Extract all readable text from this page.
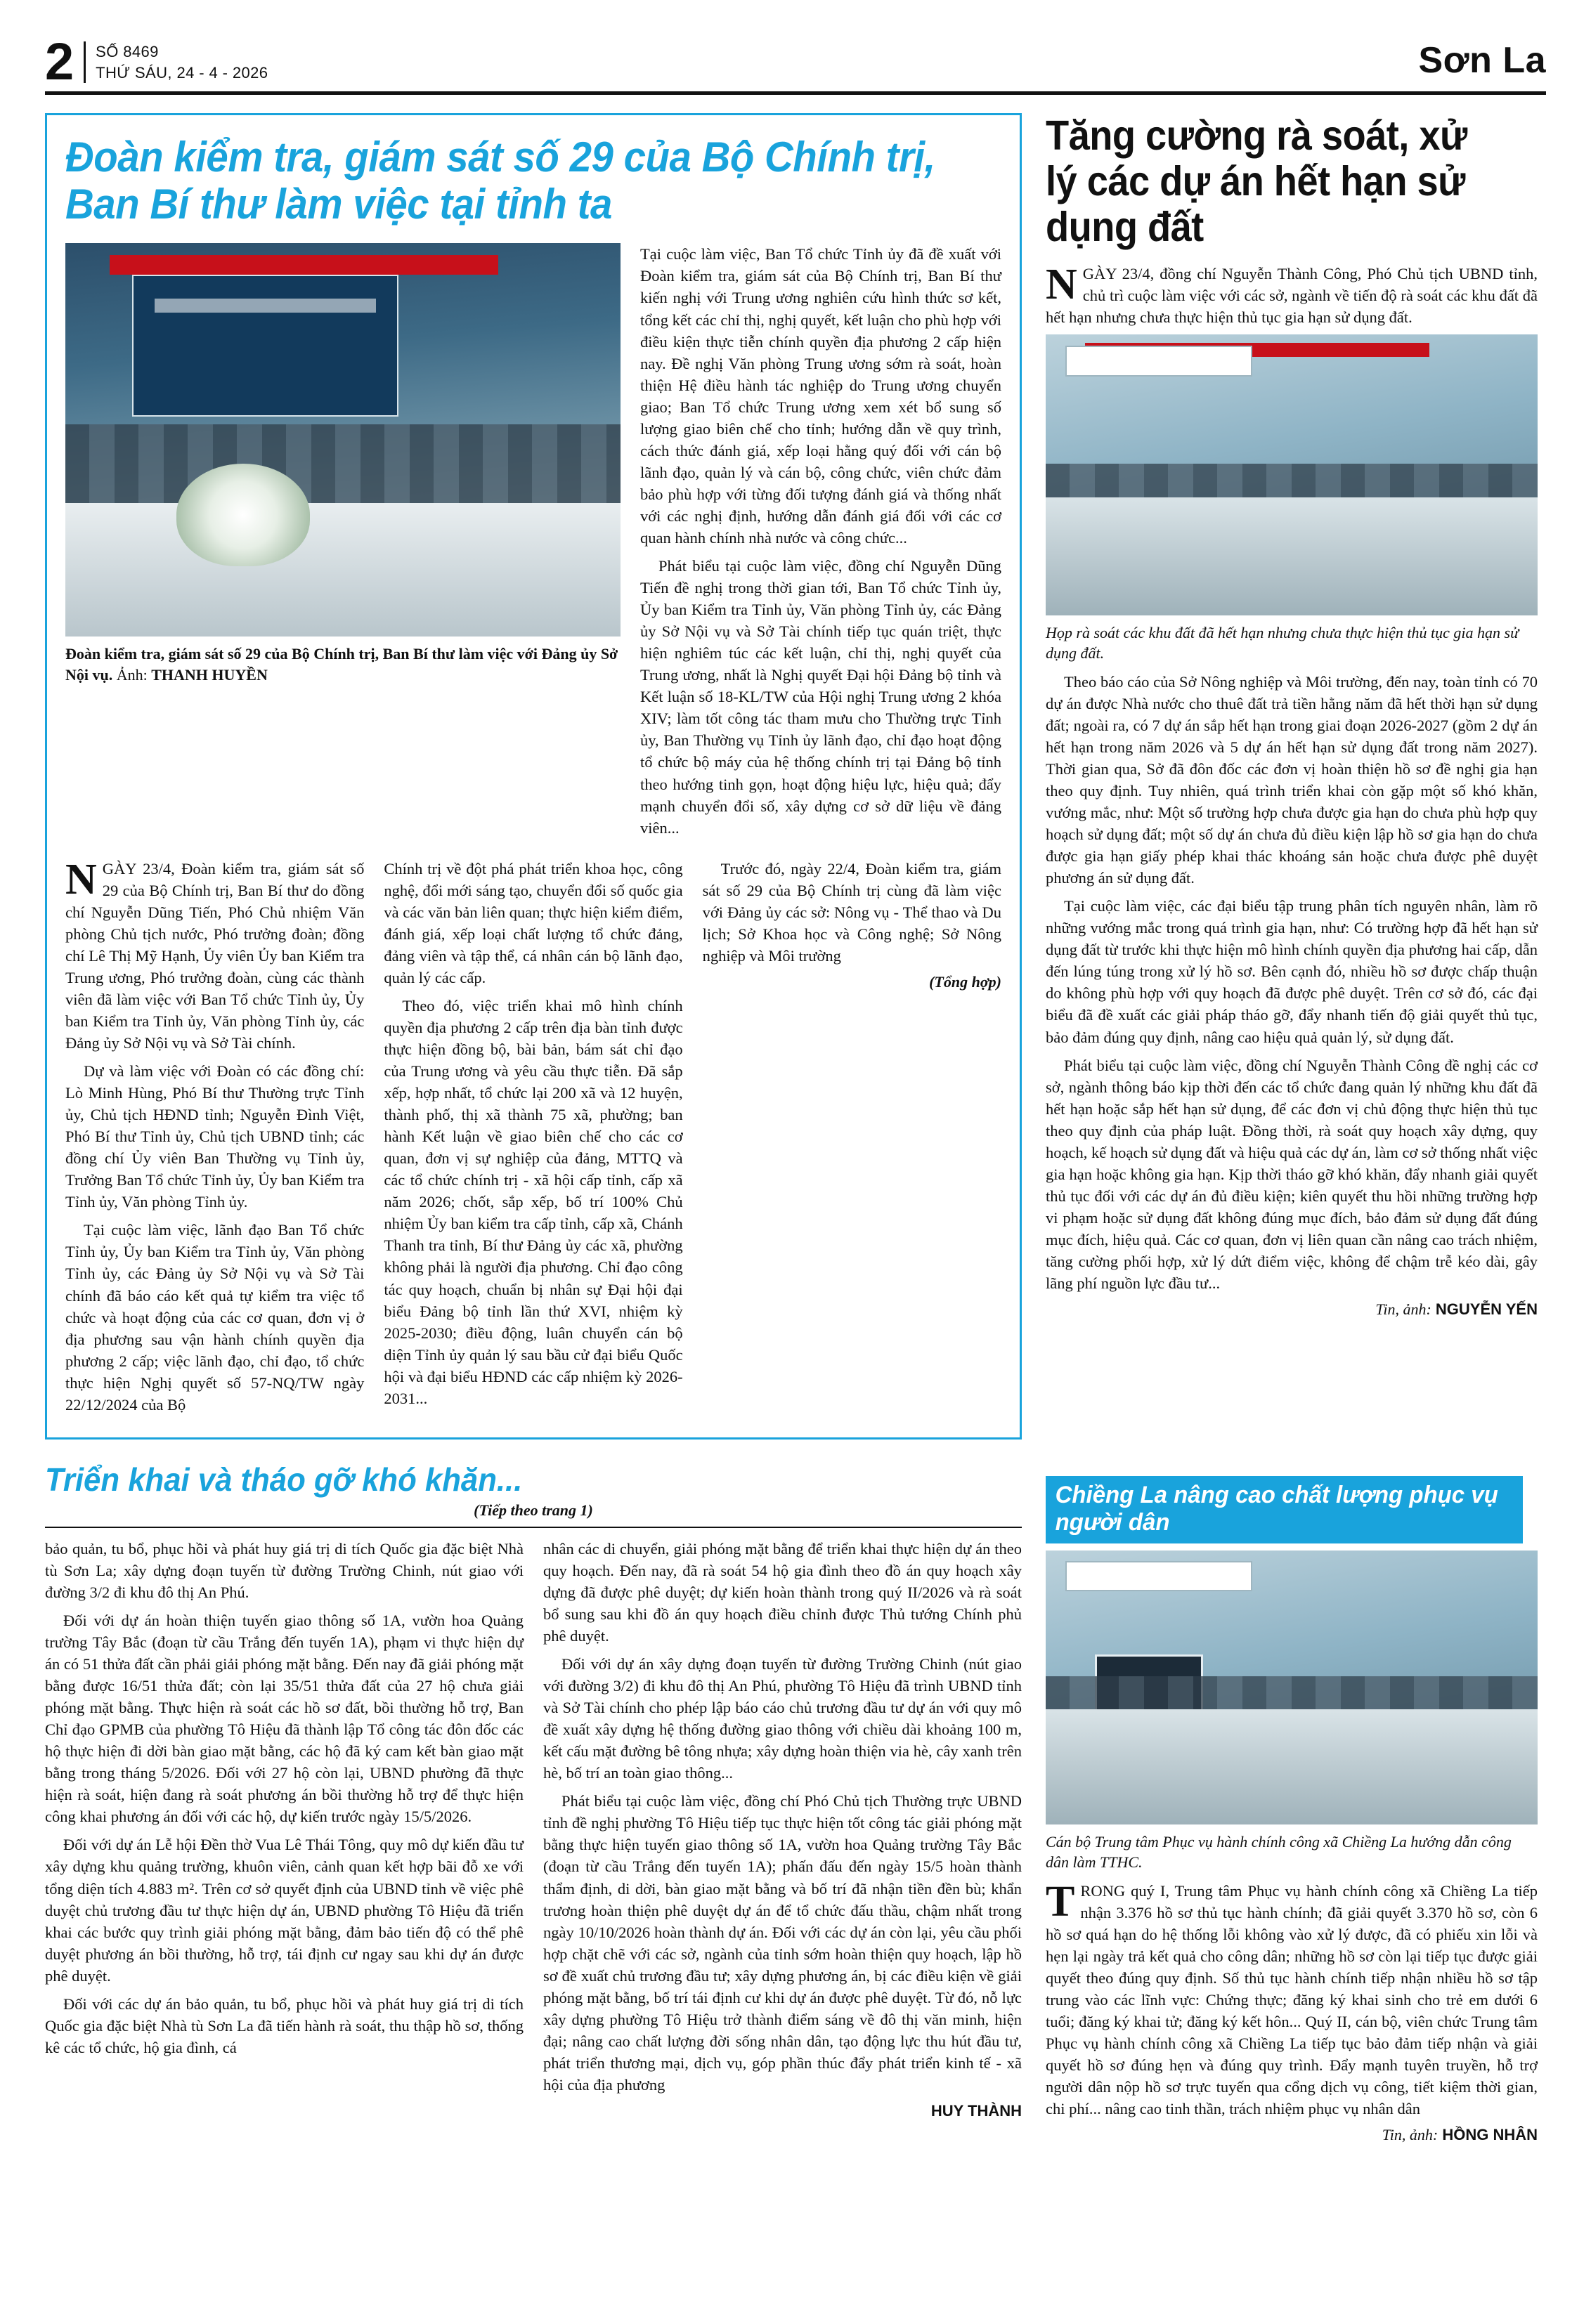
2 SỐ 8469
THỨ SÁU, 24 - 4 - 2026	Sơn La
Đoàn kiểm tra, giám sát số 29 của Bộ Chính trị, Ban Bí thư làm việc tại tỉnh ta

Đoàn kiểm tra, giám sát số 29 của Bộ Chính trị, Ban Bí thư làm việc với Đảng ủy Sở Nội vụ. Ảnh: THANH HUYỀN

Tại cuộc làm việc, Ban Tổ chức Tỉnh ủy đã đề xuất với Đoàn kiểm tra, giám sát của Bộ Chính trị, Ban Bí thư kiến nghị với Trung ương nghiên cứu hình thức sơ kết, tổng kết các chỉ thị, nghị quyết, kết luận cho phù hợp với điều kiện thực tiễn chính quyền địa phương 2 cấp hiện nay. Đề nghị Văn phòng Trung ương sớm rà soát, hoàn thiện Hệ điều hành tác nghiệp do Trung ương chuyển giao; Ban Tổ chức Trung ương xem xét bổ sung số lượng giao biên chế cho tỉnh; hướng dẫn về quy trình, cách thức đánh giá, xếp loại hằng quý đối với cán bộ lãnh đạo, quản lý và cán bộ, công chức, viên chức đảm bảo phù hợp với từng đối tượng đánh giá và thống nhất với các nghị định, hướng dẫn đánh giá đối với các cơ quan hành chính nhà nước và công chức...

Phát biểu tại cuộc làm việc, đồng chí Nguyễn Dũng Tiến đề nghị trong thời gian tới, Ban Tổ chức Tỉnh ủy, Ủy ban Kiểm tra Tỉnh ủy, Văn phòng Tỉnh ủy, các Đảng ủy Sở Nội vụ và Sở Tài chính tiếp tục quán triệt, thực hiện nghiêm túc các kết luận, chỉ thị, nghị quyết của Trung ương, nhất là Nghị quyết Đại hội Đảng bộ tỉnh và Kết luận số 18-KL/TW của Hội nghị Trung ương 2 khóa XIV; làm tốt công tác tham mưu cho Thường trực Tỉnh ủy, Ban Thường vụ Tỉnh ủy lãnh đạo, chỉ đạo hoạt động tổ chức bộ máy của hệ thống chính trị tại Đảng bộ tỉnh theo hướng tinh gọn, hoạt động hiệu lực, hiệu quả; đẩy mạnh chuyển đổi số, xây dựng cơ sở dữ liệu về đảng viên...

NGÀY 23/4, Đoàn kiểm tra, giám sát số 29 của Bộ Chính trị, Ban Bí thư do đồng chí Nguyễn Dũng Tiến, Phó Chủ nhiệm Văn phòng Chủ tịch nước, Phó trưởng đoàn; đồng chí Lê Thị Mỹ Hạnh, Ủy viên Ủy ban Kiểm tra Trung ương, Phó trưởng đoàn, cùng các thành viên đã làm việc với Ban Tổ chức Tỉnh ủy, Ủy ban Kiểm tra Tỉnh ủy, Văn phòng Tỉnh ủy, các Đảng ủy Sở Nội vụ và Sở Tài chính.

Dự và làm việc với Đoàn có các đồng chí: Lò Minh Hùng, Phó Bí thư Thường trực Tỉnh ủy, Chủ tịch HĐND tỉnh; Nguyễn Đình Việt, Phó Bí thư Tỉnh ủy, Chủ tịch UBND tỉnh; các đồng chí Ủy viên Ban Thường vụ Tỉnh ủy, Trưởng Ban Tổ chức Tỉnh ủy, Ủy ban Kiểm tra Tỉnh ủy, Văn phòng Tỉnh ủy.

Tại cuộc làm việc, lãnh đạo Ban Tổ chức Tỉnh ủy, Ủy ban Kiểm tra Tỉnh ủy, Văn phòng Tỉnh ủy, các Đảng ủy Sở Nội vụ và Sở Tài chính đã báo cáo kết quả tự kiểm tra việc tổ chức và hoạt động của các cơ quan, đơn vị ở địa phương sau vận hành chính quyền địa phương 2 cấp; việc lãnh đạo, chỉ đạo, tổ chức thực hiện Nghị quyết số 57-NQ/TW ngày 22/12/2024 của Bộ

Chính trị về đột phá phát triển khoa học, công nghệ, đổi mới sáng tạo, chuyển đổi số quốc gia và các văn bản liên quan; thực hiện kiểm điểm, đánh giá, xếp loại chất lượng tổ chức đảng, đảng viên và tập thể, cá nhân cán bộ lãnh đạo, quản lý các cấp.

Theo đó, việc triển khai mô hình chính quyền địa phương 2 cấp trên địa bàn tỉnh được thực hiện đồng bộ, bài bản, bám sát chỉ đạo của Trung ương và yêu cầu thực tiễn. Đã sắp xếp, hợp nhất, tổ chức lại 200 xã và 12 huyện, thành phố, thị xã thành 75 xã, phường; ban hành Kết luận về giao biên chế cho các cơ quan, đơn vị sự nghiệp của đảng, MTTQ và các tổ chức chính trị - xã hội cấp tỉnh, cấp xã năm 2026; chốt, sắp xếp, bố trí 100% Chủ nhiệm Ủy ban kiểm tra cấp tỉnh, cấp xã, Chánh Thanh tra tỉnh, Bí thư Đảng ủy các xã, phường không phải là người địa phương. Chỉ đạo công tác quy hoạch, chuẩn bị nhân sự Đại hội đại biểu Đảng bộ tỉnh lần thứ XVI, nhiệm kỳ 2025-2030; điều động, luân chuyển cán bộ diện Tỉnh ủy quản lý sau bầu cử đại biểu Quốc hội và đại biểu HĐND các cấp nhiệm kỳ 2026-2031...

Trước đó, ngày 22/4, Đoàn kiểm tra, giám sát số 29 của Bộ Chính trị cùng đã làm việc với Đảng ủy các sở: Nông vụ - Thể thao và Du lịch; Sở Khoa học và Công nghệ; Sở Nông nghiệp và Môi trường

(Tổng hợp)

Tăng cường rà soát, xử lý các dự án hết hạn sử dụng đất

NGÀY 23/4, đồng chí Nguyễn Thành Công, Phó Chủ tịch UBND tỉnh, chủ trì cuộc làm việc với các sở, ngành về tiến độ rà soát các khu đất đã hết hạn nhưng chưa thực hiện thủ tục gia hạn sử dụng đất.

Họp rà soát các khu đất đã hết hạn nhưng chưa thực hiện thủ tục gia hạn sử dụng đất.

Theo báo cáo của Sở Nông nghiệp và Môi trường, đến nay, toàn tỉnh có 70 dự án được Nhà nước cho thuê đất trả tiền hằng năm đã hết thời hạn sử dụng đất; ngoài ra, có 7 dự án sắp hết hạn trong giai đoạn 2026-2027 (gồm 2 dự án hết hạn trong năm 2026 và 5 dự án hết hạn sử dụng đất trong năm 2027). Thời gian qua, Sở đã đôn đốc các đơn vị hoàn thiện hồ sơ đề nghị gia hạn theo quy định. Tuy nhiên, quá trình triển khai còn gặp một số khó khăn, vướng mắc, như: Một số trường hợp chưa được gia hạn do chưa phù hợp quy hoạch sử dụng đất; một số dự án chưa đủ điều kiện lập hồ sơ gia hạn do chưa được gia hạn giấy phép khai thác khoáng sản hoặc chưa được phê duyệt phương án sử dụng đất.

Tại cuộc làm việc, các đại biểu tập trung phân tích nguyên nhân, làm rõ những vướng mắc trong quá trình gia hạn, như: Có trường hợp đã hết hạn sử dụng đất từ trước khi thực hiện mô hình chính quyền địa phương hai cấp, dẫn đến lúng túng trong xử lý hồ sơ. Bên cạnh đó, nhiều hồ sơ được chấp thuận do không phù hợp với quy hoạch đã được phê duyệt. Trên cơ sở đó, các đại biểu đã đề xuất các giải pháp tháo gỡ, đẩy nhanh tiến độ giải quyết thủ tục, bảo đảm đúng quy định, nâng cao hiệu quả quản lý, sử dụng đất.

Phát biểu tại cuộc làm việc, đồng chí Nguyễn Thành Công đề nghị các cơ sở, ngành thông báo kịp thời đến các tổ chức đang quản lý những khu đất đã hết hạn hoặc sắp hết hạn sử dụng, để các đơn vị chủ động thực hiện thủ tục theo quy định của pháp luật. Đồng thời, rà soát quy hoạch xây dựng, quy hoạch, kế hoạch sử dụng đất và hiệu quả các dự án, làm cơ sở thống nhất việc gia hạn hoặc không gia hạn. Kịp thời tháo gỡ khó khăn, đẩy nhanh giải quyết thủ tục đối với các dự án đủ điều kiện; kiên quyết thu hồi những trường hợp vi phạm hoặc sử dụng đất không đúng mục đích, bảo đảm sử dụng đất đúng mục đích, hiệu quả. Các cơ quan, đơn vị liên quan cần nâng cao trách nhiệm, tăng cường phối hợp, xử lý dứt điểm việc, không để chậm trễ kéo dài, gây lãng phí nguồn lực đầu tư...

Tin, ảnh: NGUYỄN YẾN

Triển khai và tháo gỡ khó khăn...
(Tiếp theo trang 1)

bảo quản, tu bổ, phục hồi và phát huy giá trị di tích Quốc gia đặc biệt Nhà tù Sơn La; xây dựng đoạn tuyến từ đường Trường Chinh, nút giao với đường 3/2 đi khu đô thị An Phú.

Đối với dự án hoàn thiện tuyến giao thông số 1A, vườn hoa Quảng trường Tây Bắc (đoạn từ cầu Trắng đến tuyến 1A), phạm vi thực hiện dự án có 51 thửa đất cần phải giải phóng mặt bằng. Đến nay đã giải phóng mặt bằng được 16/51 thửa đất; còn lại 35/51 thửa đất của 27 hộ chưa giải phóng mặt bằng. Thực hiện rà soát các hồ sơ đất, bồi thường hỗ trợ, Ban Chỉ đạo GPMB của phường Tô Hiệu đã thành lập Tổ công tác đôn đốc các hộ thực hiện đi dời bàn giao mặt bằng, các hộ đã ký cam kết bàn giao mặt bằng trong tháng 5/2026. Đối với 27 hộ còn lại, UBND phường đã thực hiện rà soát, hiện đang rà soát phương án bồi thường hỗ trợ để thực hiện công khai phương án đối với các hộ, dự kiến trước ngày 15/5/2026.

Đối với dự án Lễ hội Đền thờ Vua Lê Thái Tông, quy mô dự kiến đầu tư xây dựng khu quảng trường, khuôn viên, cảnh quan kết hợp bãi đỗ xe với tổng diện tích 4.883 m². Trên cơ sở quyết định của UBND tỉnh về việc phê duyệt chủ trương đầu tư thực hiện dự án, UBND phường Tô Hiệu đã triển khai các bước quy trình giải phóng mặt bằng, đảm bảo tiến độ có thể phê duyệt phương án bồi thường, hỗ trợ, tái định cư ngay sau khi dự án được phê duyệt.

Đối với các dự án bảo quản, tu bổ, phục hồi và phát huy giá trị di tích Quốc gia đặc biệt Nhà tù Sơn La đã tiến hành rà soát, thu thập hồ sơ, thống kê các tổ chức, hộ gia đình, cá

nhân các di chuyển, giải phóng mặt bằng để triển khai thực hiện dự án theo quy hoạch. Đến nay, đã rà soát 54 hộ gia đình theo đồ án quy hoạch xây dựng đã được phê duyệt; dự kiến hoàn thành trong quý II/2026 và rà soát bổ sung sau khi đồ án quy hoạch điều chỉnh được Thủ tướng Chính phủ phê duyệt.

Đối với dự án xây dựng đoạn tuyến từ đường Trường Chinh (nút giao với đường 3/2) đi khu đô thị An Phú, phường Tô Hiệu đã trình UBND tỉnh và Sở Tài chính cho phép lập báo cáo chủ trương đầu tư dự án với quy mô đề xuất xây dựng hệ thống đường giao thông với chiều dài khoảng 100 m, kết cấu mặt đường bê tông nhựa; xây dựng hoàn thiện via hè, cây xanh trên hè, bố trí an toàn giao thông...

Phát biểu tại cuộc làm việc, đồng chí Phó Chủ tịch Thường trực UBND tỉnh đề nghị phường Tô Hiệu tiếp tục thực hiện tốt công tác giải phóng mặt bằng thực hiện tuyến giao thông số 1A, vườn hoa Quảng trường Tây Bắc (đoạn từ cầu Trắng đến tuyến 1A); phấn đấu đến ngày 15/5 hoàn thành thẩm định, di dời, bàn giao mặt bằng và bố trí đã nhận tiền đền bù; khẩn trương hoàn thiện phê duyệt dự án để tổ chức đấu thầu, chậm nhất trong ngày 10/10/2026 hoàn thành dự án. Đối với các dự án còn lại, yêu cầu phối hợp chặt chẽ với các sở, ngành của tỉnh sớm hoàn thiện quy hoạch, lập hồ sơ đề xuất chủ trương đầu tư; xây dựng phương án, bị các điều kiện về giải phóng mặt bằng, bố trí tái định cư khi dự án được phê duyệt. Từ đó, nỗ lực xây dựng phường Tô Hiệu trở thành điểm sáng về đô thị văn minh, hiện đại; nâng cao chất lượng đời sống nhân dân, tạo động lực thu hút đầu tư, phát triển thương mại, dịch vụ, góp phần thúc đẩy phát triển kinh tế - xã hội của địa phương

HUY THÀNH

Chiềng La nâng cao chất lượng phục vụ người dân

Cán bộ Trung tâm Phục vụ hành chính công xã Chiềng La hướng dẫn công dân làm TTHC.

TRONG quý I, Trung tâm Phục vụ hành chính công xã Chiềng La tiếp nhận 3.376 hồ sơ thủ tục hành chính; đã giải quyết 3.370 hồ sơ, còn 6 hồ sơ quá hạn do hệ thống lỗi không vào xử lý được, đã có phiếu xin lỗi và hẹn lại ngày trả kết quả cho công dân; những hồ sơ còn lại tiếp tục được giải quyết theo đúng quy định. Số thủ tục hành chính tiếp nhận nhiều hồ sơ tập trung vào các lĩnh vực: Chứng thực; đăng ký khai sinh cho trẻ em dưới 6 tuổi; đăng ký khai tử; đăng ký kết hôn... Quý II, cán bộ, viên chức Trung tâm Phục vụ hành chính công xã Chiềng La tiếp tục bảo đảm tiếp nhận và giải quyết hồ sơ đúng hẹn và đúng quy trình. Đẩy mạnh tuyên truyền, hỗ trợ người dân nộp hồ sơ trực tuyến qua cổng dịch vụ công, tiết kiệm thời gian, chi phí... nâng cao tinh thần, trách nhiệm phục vụ nhân dân

Tin, ảnh: HỒNG NHÂN
